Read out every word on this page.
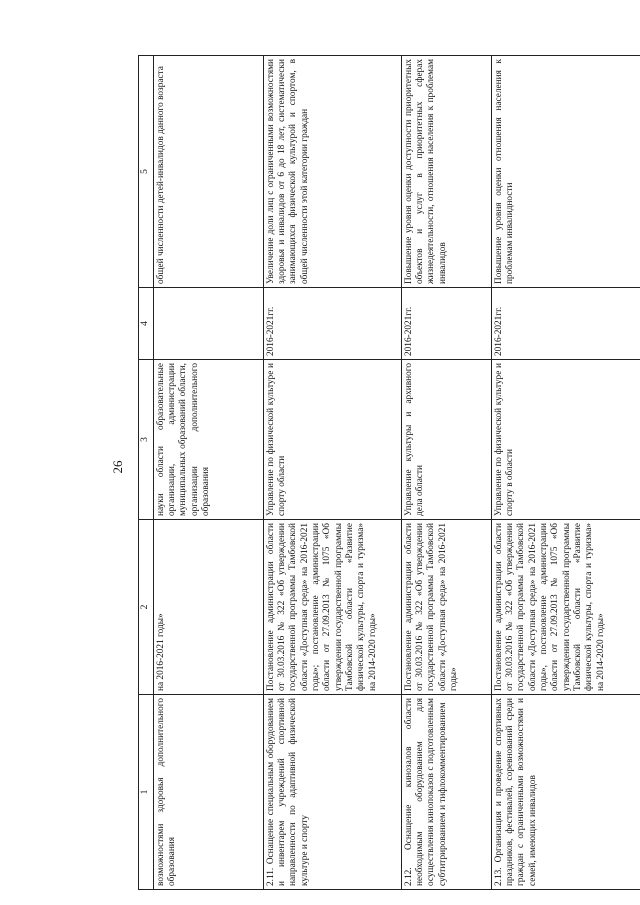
26
1	2	3	4	5
возможностями здоровья дополнительного образования	на 2016-2021 годы»	науки области образовательные организации, администрации муниципальных образований области, организации дополнительного образования		общей численности детей-инвалидов данного возраста
2.11. Оснащение специальным оборудованием и инвентарем учреждений спортивной направленности по адаптивной физической культуре и спорту	Постановление администрации области от 30.03.2016 № 322 «Об утверждении государственной программы Тамбовской области «Доступная среда» на 2016-2021 годы»; постановление администрации области от 27.09.2013 № 1075 «Об утверждении государственной программы Тамбовской области «Развитие физической культуры, спорта и туризма» на 2014-2020 годы»	Управление по физической культуре и спорту области	2016-2021гг.	Увеличение доли лиц с ограниченными возможностями здоровья и инвалидов от 6 до 18 лет, систематически занимающихся физической культурой и спортом, в общей численности этой категории граждан
2.12. Оснащение кинозалов области необходимым оборудованием для осуществления кинопоказов с подготовленным субтитрированием и тифлокомментированием	Постановление администрации области от 30.03.2016 № 322 «Об утверждении государственной программы Тамбовской области «Доступная среда» на 2016-2021 годы»	Управление культуры и архивного дела области	2016-2021гг.	Повышение уровня оценки доступности приоритетных объектов и услуг в приоритетных сферах жизнедеятельности, отношения населения к проблемам инвалидов
2.13. Организация и проведение спортивных праздников, фестивалей, соревнований среди граждан с ограниченными возможностями и семей, имеющих инвалидов	Постановление администрации области от 30.03.2016 № 322 «Об утверждении государственной программы Тамбовской области «Доступная среда» на 2016-2021 годы», постановление администрации области от 27.09.2013 № 1075 «Об утверждении государственной программы Тамбовской области «Развитие физической культуры, спорта и туризма» на 2014-2020 годы»	Управление по физической культуре и спорту в области	2016-2021гг.	Повышение уровня оценки отношения населения к проблемам инвалидности
